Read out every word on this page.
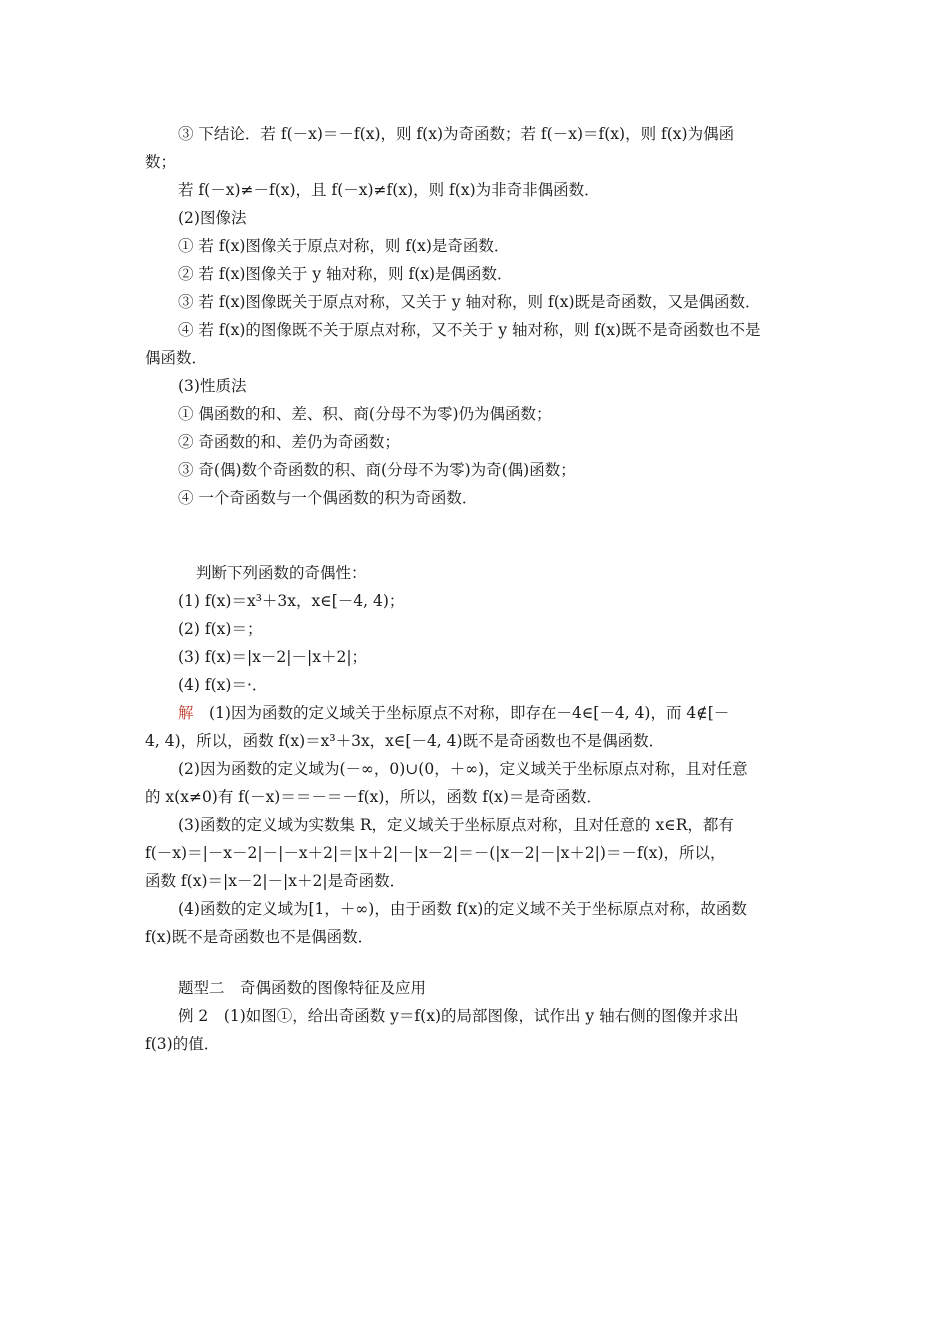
③ 下结论．若 f(－x)＝－f(x)，则 f(x)为奇函数；若 f(－x)＝f(x)，则 f(x)为偶函
数；
若 f(－x)≠－f(x)，且 f(－x)≠f(x)，则 f(x)为非奇非偶函数．
(2)图像法
① 若 f(x)图像关于原点对称，则 f(x)是奇函数．
② 若 f(x)图像关于 y 轴对称，则 f(x)是偶函数．
③ 若 f(x)图像既关于原点对称，又关于 y 轴对称，则 f(x)既是奇函数，又是偶函数．
④ 若 f(x)的图像既不关于原点对称，又不关于 y 轴对称，则 f(x)既不是奇函数也不是
偶函数．
(3)性质法
① 偶函数的和、差、积、商(分母不为零)仍为偶函数；
② 奇函数的和、差仍为奇函数；
③ 奇(偶)数个奇函数的积、商(分母不为零)为奇(偶)函数；
④ 一个奇函数与一个偶函数的积为奇函数．
判断下列函数的奇偶性：
(1) f(x)＝x³＋3x，x∈[－4, 4)；
(2) f(x)＝；
(3) f(x)＝|x－2|－|x＋2|；
(4) f(x)＝·．
解　(1)因为函数的定义域关于坐标原点不对称，即存在－4∈[－4, 4)，而 4∉[－
4, 4)，所以，函数 f(x)＝x³＋3x，x∈[－4, 4)既不是奇函数也不是偶函数．
(2)因为函数的定义域为(－∞，0)∪(0，＋∞)，定义域关于坐标原点对称，且对任意
的 x(x≠0)有 f(－x)＝＝－＝－f(x)，所以，函数 f(x)＝是奇函数．
(3)函数的定义域为实数集 R，定义域关于坐标原点对称，且对任意的 x∈R，都有
f(－x)＝|－x－2|－|－x＋2|＝|x＋2|－|x－2|＝－(|x－2|－|x＋2|)＝－f(x)，所以，
函数 f(x)＝|x－2|－|x＋2|是奇函数．
(4)函数的定义域为[1，＋∞)，由于函数 f(x)的定义域不关于坐标原点对称，故函数
f(x)既不是奇函数也不是偶函数．
题型二　奇偶函数的图像特征及应用
例 2　(1)如图①，给出奇函数 y＝f(x)的局部图像，试作出 y 轴右侧的图像并求出
f(3)的值．
